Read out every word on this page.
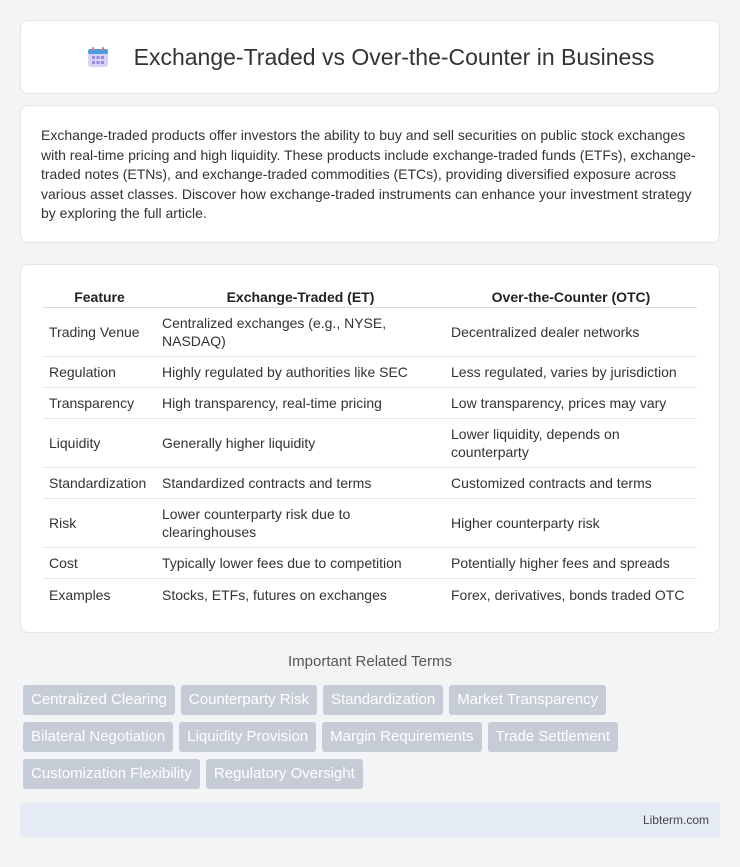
Exchange-Traded vs Over-the-Counter in Business

Exchange-traded products offer investors the ability to buy and sell securities on public stock exchanges with real-time pricing and high liquidity. These products include exchange-traded funds (ETFs), exchange-traded notes (ETNs), and exchange-traded commodities (ETCs), providing diversified exposure across various asset classes. Discover how exchange-traded instruments can enhance your investment strategy by exploring the full article.

Feature	Exchange-Traded (ET)	Over-the-Counter (OTC)
Trading Venue	Centralized exchanges (e.g., NYSE, NASDAQ)	Decentralized dealer networks
Regulation	Highly regulated by authorities like SEC	Less regulated, varies by jurisdiction
Transparency	High transparency, real-time pricing	Low transparency, prices may vary
Liquidity	Generally higher liquidity	Lower liquidity, depends on counterparty
Standardization	Standardized contracts and terms	Customized contracts and terms
Risk	Lower counterparty risk due to clearinghouses	Higher counterparty risk
Cost	Typically lower fees due to competition	Potentially higher fees and spreads
Examples	Stocks, ETFs, futures on exchanges	Forex, derivatives, bonds traded OTC
Important Related Terms
Centralized Clearing	Counterparty Risk	Standardization	Market Transparency
Bilateral Negotiation	Liquidity Provision	Margin Requirements	Trade Settlement
Customization Flexibility	Regulatory Oversight
Libterm.com
